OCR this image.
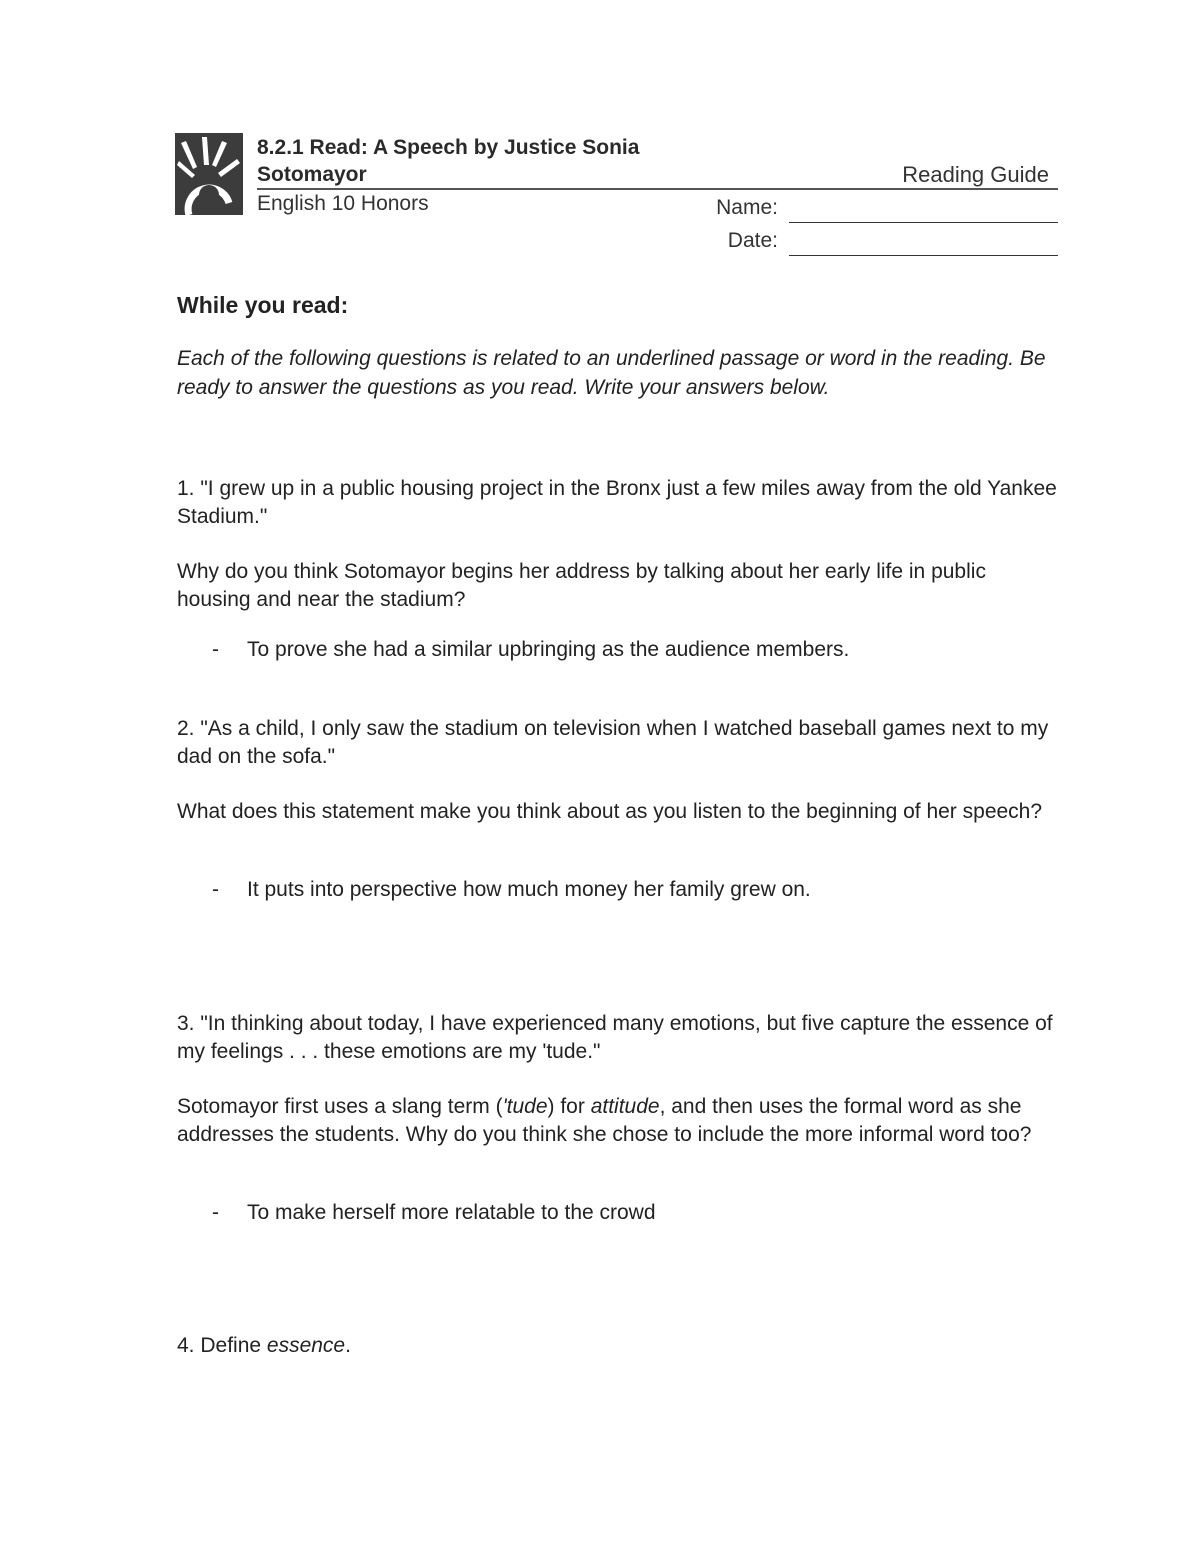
8.2.1 Read: A Speech by Justice Sonia
Sotomayor	Reading Guide
English 10 Honors	Name:
Date:
While you read:
Each of the following questions is related to an underlined passage or word in the reading. Be ready to answer the questions as you read. Write your answers below.
1. "I grew up in a public housing project in the Bronx just a few miles away from the old Yankee Stadium."
Why do you think Sotomayor begins her address by talking about her early life in public housing and near the stadium?
- To prove she had a similar upbringing as the audience members.
2. "As a child, I only saw the stadium on television when I watched baseball games next to my dad on the sofa."
What does this statement make you think about as you listen to the beginning of her speech?
- It puts into perspective how much money her family grew on.
3. "In thinking about today, I have experienced many emotions, but five capture the essence of my feelings . . . these emotions are my 'tude."
Sotomayor first uses a slang term ('tude) for attitude, and then uses the formal word as she addresses the students. Why do you think she chose to include the more informal word too?
- To make herself more relatable to the crowd
4. Define essence.
